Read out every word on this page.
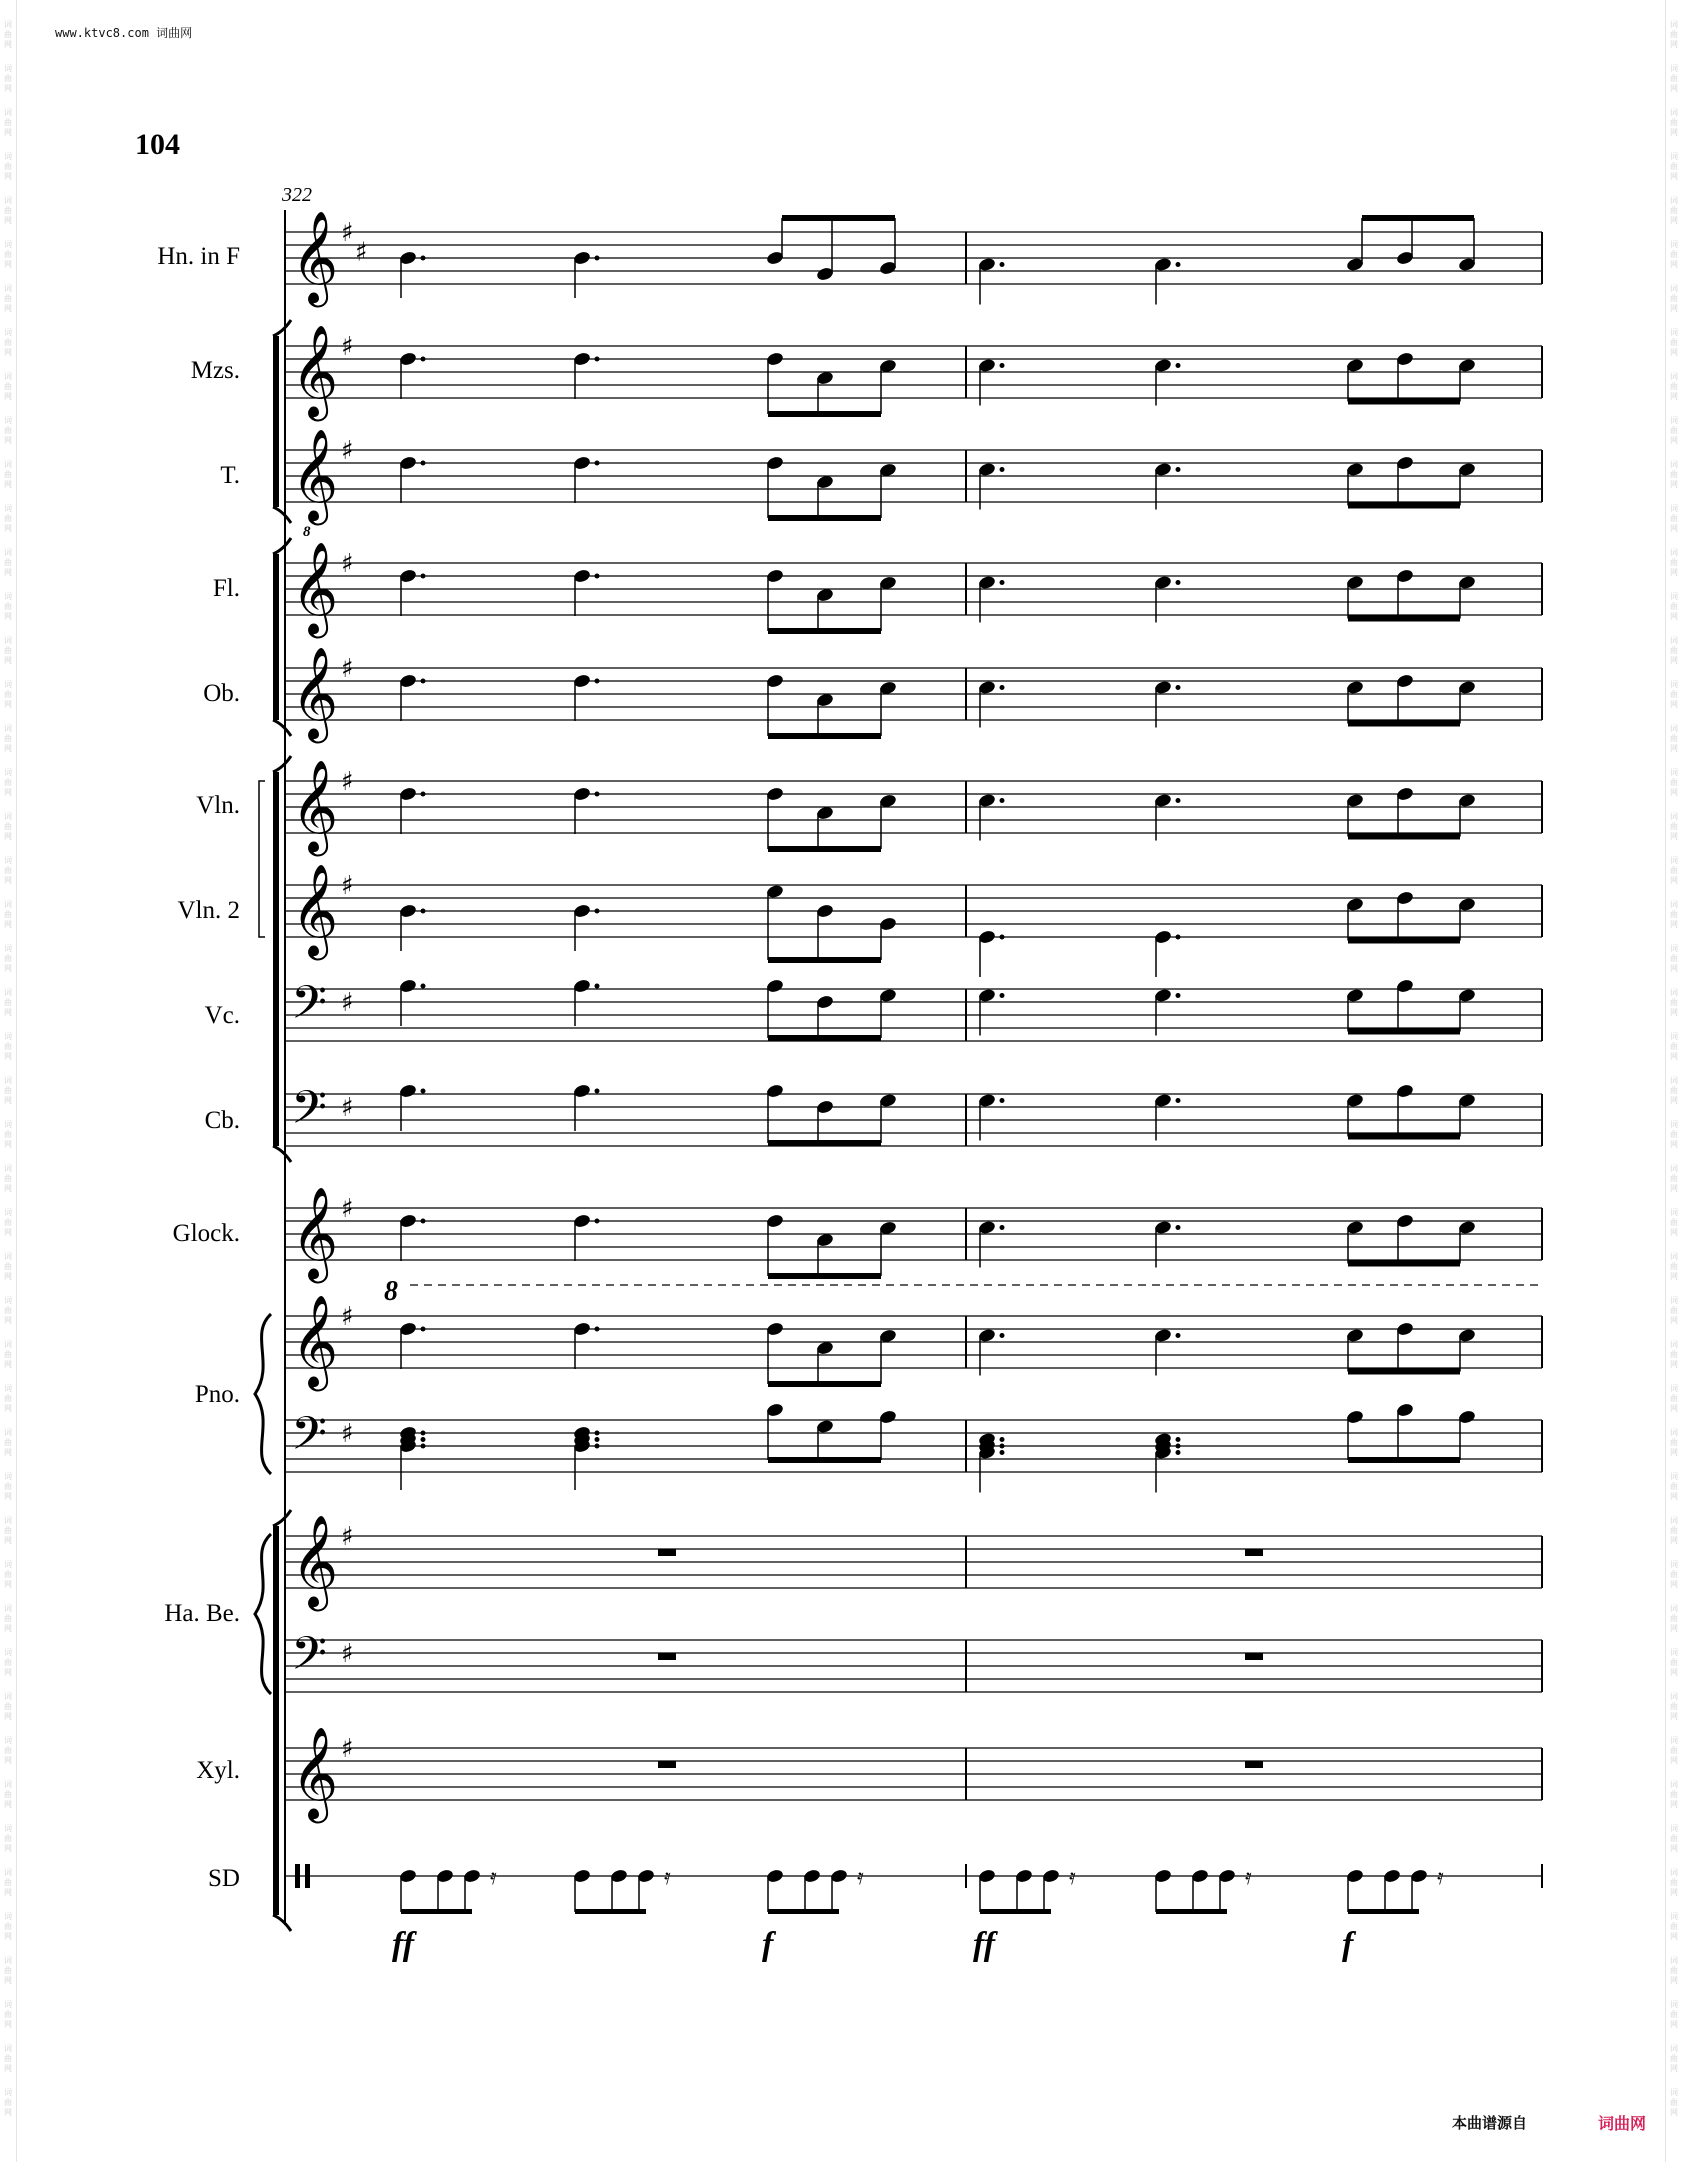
词
曲
网
词
曲
网
词
曲
网
词
曲
网
词
曲
网
词
曲
网
词
曲
网
词
曲
网
词
曲
网
词
曲
网
词
曲
网
词
曲
网
词
曲
网
词
曲
网
词
曲
网
词
曲
网
词
曲
网
词
曲
网
词
曲
网
词
曲
网
词
曲
网
词
曲
网
词
曲
网
词
曲
网
词
曲
网
词
曲
网
词
曲
网
词
曲
网
词
曲
网
词
曲
网
词
曲
网
词
曲
网
词
曲
网
词
曲
网
词
曲
网
词
曲
网
词
曲
网
词
曲
网
词
曲
网
词
曲
网
词
曲
网
词
曲
网
词
曲
网
词
曲
网
词
曲
网
词
曲
网
词
曲
网
词
曲
网
词
曲
网
词
曲
网
词
曲
网
词
曲
网
词
曲
网
词
曲
网
词
曲
网
词
曲
网
词
曲
网
词
曲
网
词
曲
网
词
曲
网
词
曲
网
词
曲
网
词
曲
网
词
曲
网
词
曲
网
词
曲
网
词
曲
网
词
曲
网
词
曲
网
词
曲
网
词
曲
网
词
曲
网
词
曲
网
词
曲
网
词
曲
网
词
曲
网
词
曲
网
词
曲
网
词
曲
网
词
曲
网
词
曲
网
词
曲
网
词
曲
网
词
曲
网
词
曲
网
词
曲
网
词
曲
网
词
曲
网
词
曲
网
词
曲
网
词
曲
网
词
曲
网
词
曲
网
词
曲
网
词
曲
网
词
曲
网
www.ktvc8.com 词曲网
104
322
Hn. in F
Mzs.
T.
Fl.
Ob.
Vln.
Vln. 2
Vc.
Cb.
Glock.
Pno.
Ha. Be.
Xyl.
SD
8
ff	f	ff	f
本曲谱源自	词曲网
𝄞 ♯
♯
𝄞 ♯
𝄞
8
♯
𝄞 ♯
𝄞 ♯
𝄞 ♯
𝄞 ♯
𝄢 ♯
𝄢 ♯
𝄞 ♯
𝄞 ♯
𝄢 ♯
𝄞 ♯
𝄢 ♯
𝄞 ♯
𝄿	𝄿	𝄿	𝄿	𝄿	𝄿
